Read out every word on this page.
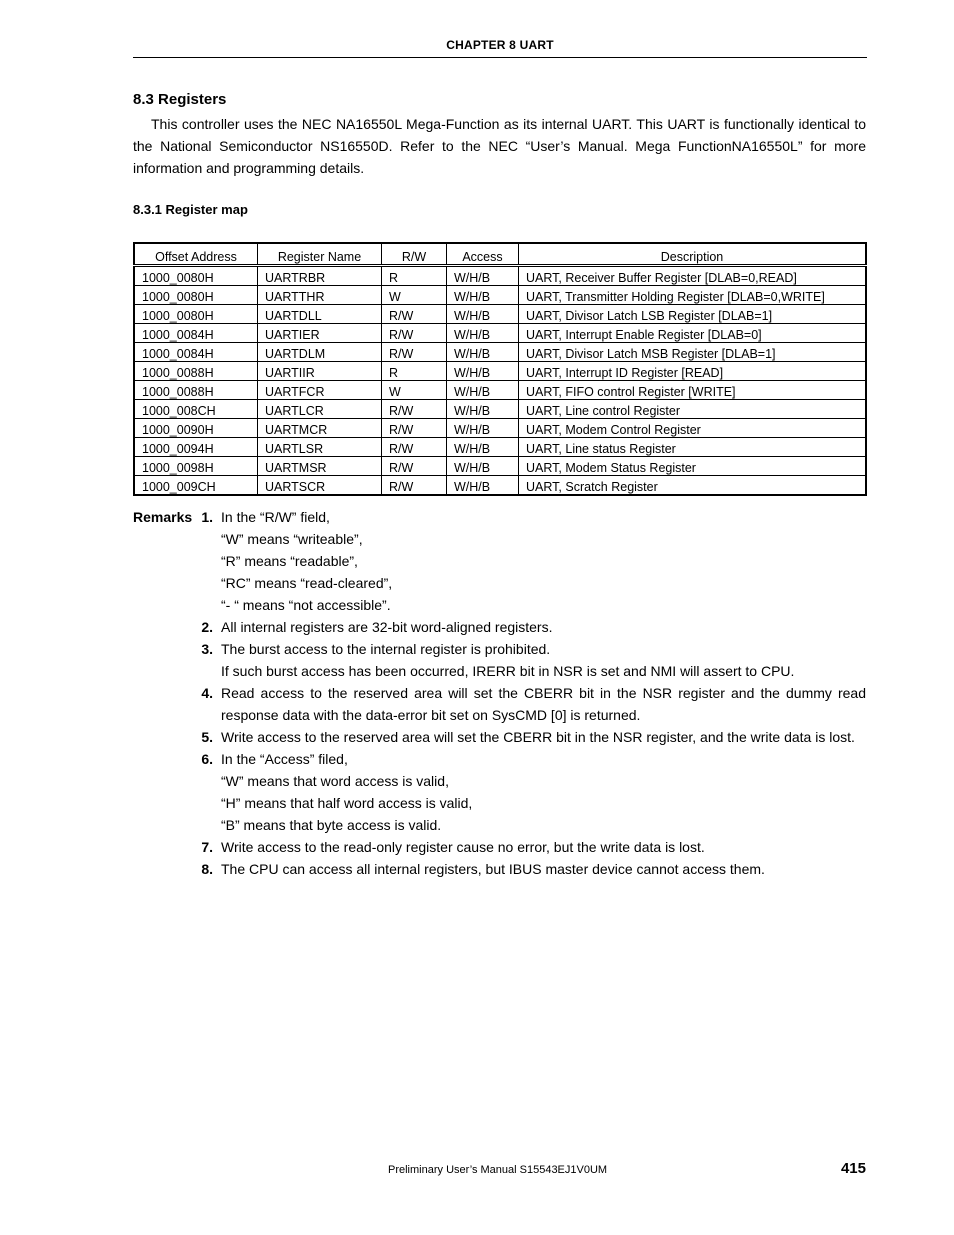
CHAPTER 8 UART
8.3 Registers
This controller uses the NEC NA16550L Mega-Function as its internal UART. This UART is functionally identical to the National Semiconductor NS16550D. Refer to the NEC “User’s Manual. Mega FunctionNA16550L” for more information and programming details.
8.3.1 Register map
Offset Address	Register Name	R/W	Access	Description
1000_0080H	UARTRBR	R	W/H/B	UART, Receiver Buffer Register [DLAB=0,READ]
1000_0080H	UARTTHR	W	W/H/B	UART, Transmitter Holding Register [DLAB=0,WRITE]
1000_0080H	UARTDLL	R/W	W/H/B	UART, Divisor Latch LSB Register [DLAB=1]
1000_0084H	UARTIER	R/W	W/H/B	UART, Interrupt Enable Register [DLAB=0]
1000_0084H	UARTDLM	R/W	W/H/B	UART, Divisor Latch MSB Register [DLAB=1]
1000_0088H	UARTIIR	R	W/H/B	UART, Interrupt ID Register [READ]
1000_0088H	UARTFCR	W	W/H/B	UART, FIFO control Register [WRITE]
1000_008CH	UARTLCR	R/W	W/H/B	UART, Line control Register
1000_0090H	UARTMCR	R/W	W/H/B	UART, Modem Control Register
1000_0094H	UARTLSR	R/W	W/H/B	UART, Line status Register
1000_0098H	UARTMSR	R/W	W/H/B	UART, Modem Status Register
1000_009CH	UARTSCR	R/W	W/H/B	UART, Scratch Register
Remarks 1. In the “R/W” field,
“W” means “writeable”,
“R” means “readable”,
“RC” means “read-cleared”,
“- “ means “not accessible”.
2. All internal registers are 32-bit word-aligned registers.
3. The burst access to the internal register is prohibited.
If such burst access has been occurred, IRERR bit in NSR is set and NMI will assert to CPU.
4. Read access to the reserved area will set the CBERR bit in the NSR register and the dummy read
response data with the data-error bit set on SysCMD [0] is returned.
5. Write access to the reserved area will set the CBERR bit in the NSR register, and the write data is lost.
6. In the “Access” filed,
“W” means that word access is valid,
“H” means that half word access is valid,
“B” means that byte access is valid.
7. Write access to the read-only register cause no error, but the write data is lost.
8. The CPU can access all internal registers, but IBUS master device cannot access them.
Preliminary User’s Manual S15543EJ1V0UM	415
